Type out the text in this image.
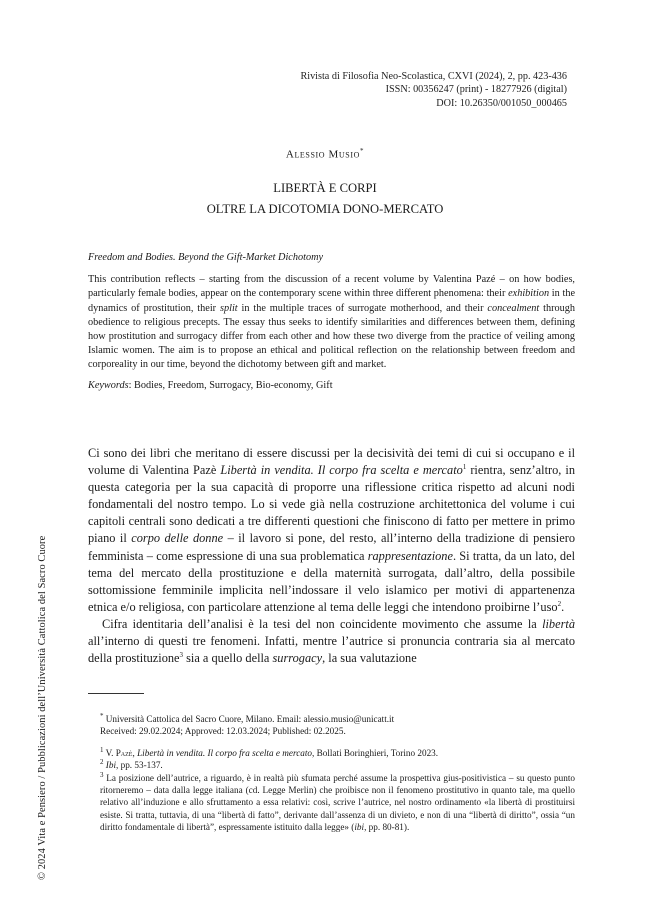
Rivista di Filosofia Neo-Scolastica, CXVI (2024), 2, pp. 423-436
ISSN: 00356247 (print) - 18277926 (digital)
DOI: 10.26350/001050_000465
Alessio Musio*
LIBERTÀ E CORPI
OLTRE LA DICOTOMIA DONO-MERCATO

Freedom and Bodies. Beyond the Gift-Market Dichotomy

This contribution reflects – starting from the discussion of a recent volume by Valentina Pazé – on how bodies, particularly female bodies, appear on the contemporary scene within three different phenomena: their exhibition in the dynamics of prostitution, their split in the multiple traces of surrogate motherhood, and their concealment through obedience to religious precepts. The essay thus seeks to identify similarities and differences between them, defining how prostitution and surrogacy differ from each other and how these two diverge from the practice of veiling among Islamic women. The aim is to propose an ethical and political reflection on the relationship between freedom and corporeality in our time, beyond the dichotomy between gift and market.

Keywords: Bodies, Freedom, Surrogacy, Bio-economy, Gift

Ci sono dei libri che meritano di essere discussi per la decisività dei temi di cui si occupano e il volume di Valentina Pazè Libertà in vendita. Il corpo fra scelta e mercato$^1$ rientra, senz’altro, in questa categoria per la sua capacità di proporre una riflessione critica rispetto ad alcuni nodi fondamentali del nostro tempo. Lo si vede già nella costruzione architettonica del volume i cui capitoli centrali sono dedicati a tre differenti questioni che finiscono di fatto per mettere in primo piano il corpo delle donne – il lavoro si pone, del resto, all’interno della tradizione di pensiero femminista – come espressione di una sua problematica rappresentazione. Si tratta, da un lato, del tema del mercato della prostituzione e della maternità surrogata, dall’altro, della possibile sottomissione femminile implicita nell’indossare il velo islamico per motivi di appartenenza etnica e/o religiosa, con particolare attenzione al tema delle leggi che intendono proibirne l’uso$^2$.

Cifra identitaria dell’analisi è la tesi del non coincidente movimento che assume la libertà all’interno di questi tre fenomeni. Infatti, mentre l’autrice si pronuncia contraria sia al mercato della prostituzione$^3$ sia a quello della surrogacy, la sua valutazione

* Università Cattolica del Sacro Cuore, Milano. Email: alessio.musio@unicatt.it

Received: 29.02.2024; Approved: 12.03.2024; Published: 02.2025.

$^1$ V. Pazè, Libertà in vendita. Il corpo fra scelta e mercato, Bollati Boringhieri, Torino 2023.

$^2$ Ibi, pp. 53-137.

$^3$ La posizione dell’autrice, a riguardo, è in realtà più sfumata perché assume la prospettiva gius-positivistica – su questo punto ritorneremo – data dalla legge italiana (cd. Legge Merlin) che proibisce non il fenomeno prostitutivo in quanto tale, ma quello relativo all’induzione e allo sfruttamento a essa relativi: così, scrive l’autrice, nel nostro ordinamento «la libertà di prostituirsi esiste. Si tratta, tuttavia, di una “libertà di fatto”, derivante dall’assenza di un divieto, e non di una “libertà di diritto”, ossia “un diritto fondamentale di libertà”, espressamente istituito dalla legge» (ibi, pp. 80-81).

© 2024 Vita e Pensiero / Pubblicazioni dell’Università Cattolica del Sacro Cuore
